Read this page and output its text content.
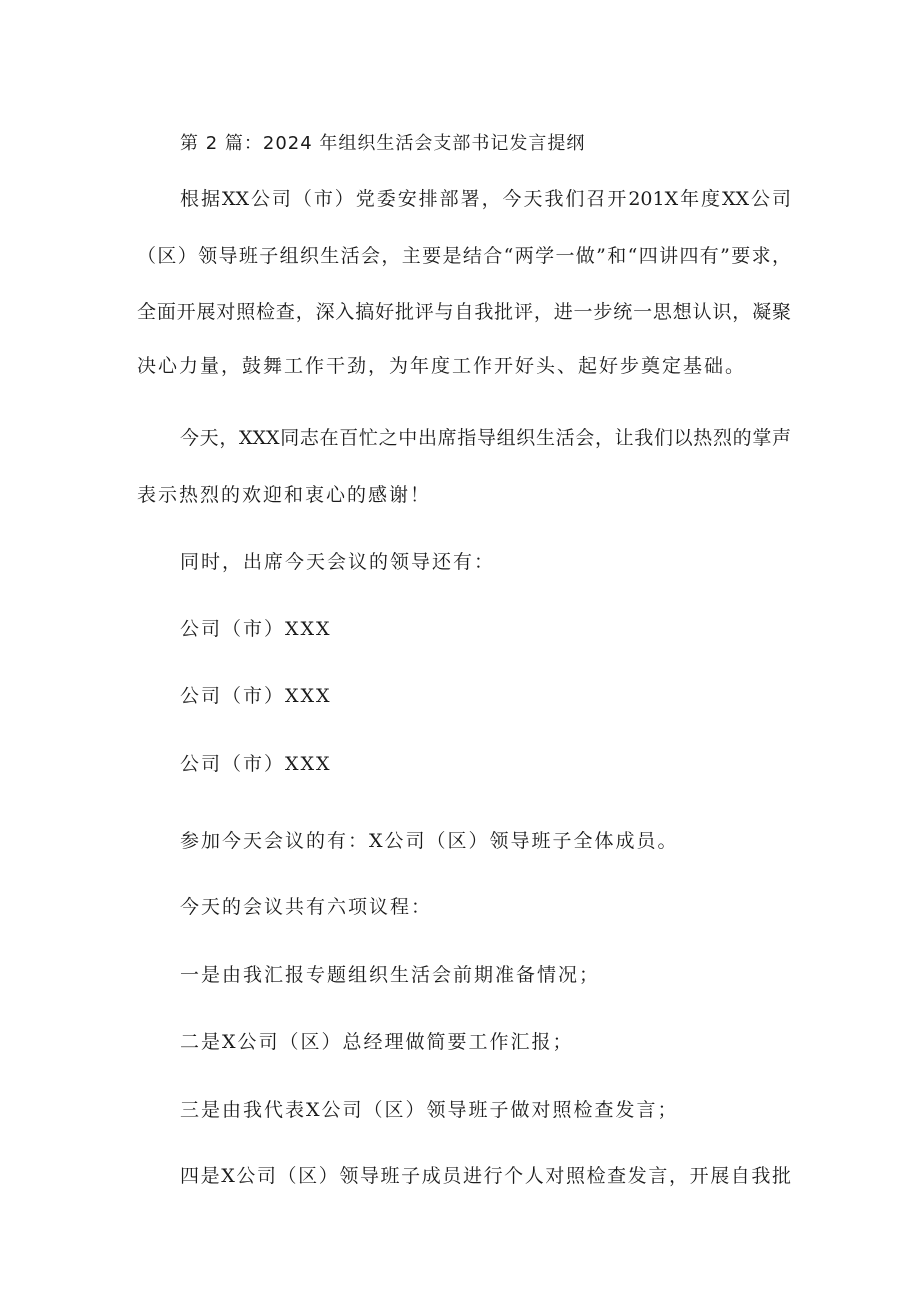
第 2 篇：2024 年组织生活会支部书记发言提纲
根据XX公司（市）党委安排部署，今天我们召开201X年度XX公司
（区）领导班子组织生活会，主要是结合“两学一做”和“四讲四有”要求，
全面开展对照检查，深入搞好批评与自我批评，进一步统一思想认识，凝聚
决心力量，鼓舞工作干劲，为年度工作开好头、起好步奠定基础。
今天，XXX同志在百忙之中出席指导组织生活会，让我们以热烈的掌声
表示热烈的欢迎和衷心的感谢！
同时，出席今天会议的领导还有：
公司（市）XXX
公司（市）XXX
公司（市）XXX
参加今天会议的有：X公司（区）领导班子全体成员。
今天的会议共有六项议程：
一是由我汇报专题组织生活会前期准备情况；
二是X公司（区）总经理做简要工作汇报；
三是由我代表X公司（区）领导班子做对照检查发言；
四是X公司（区）领导班子成员进行个人对照检查发言，开展自我批
